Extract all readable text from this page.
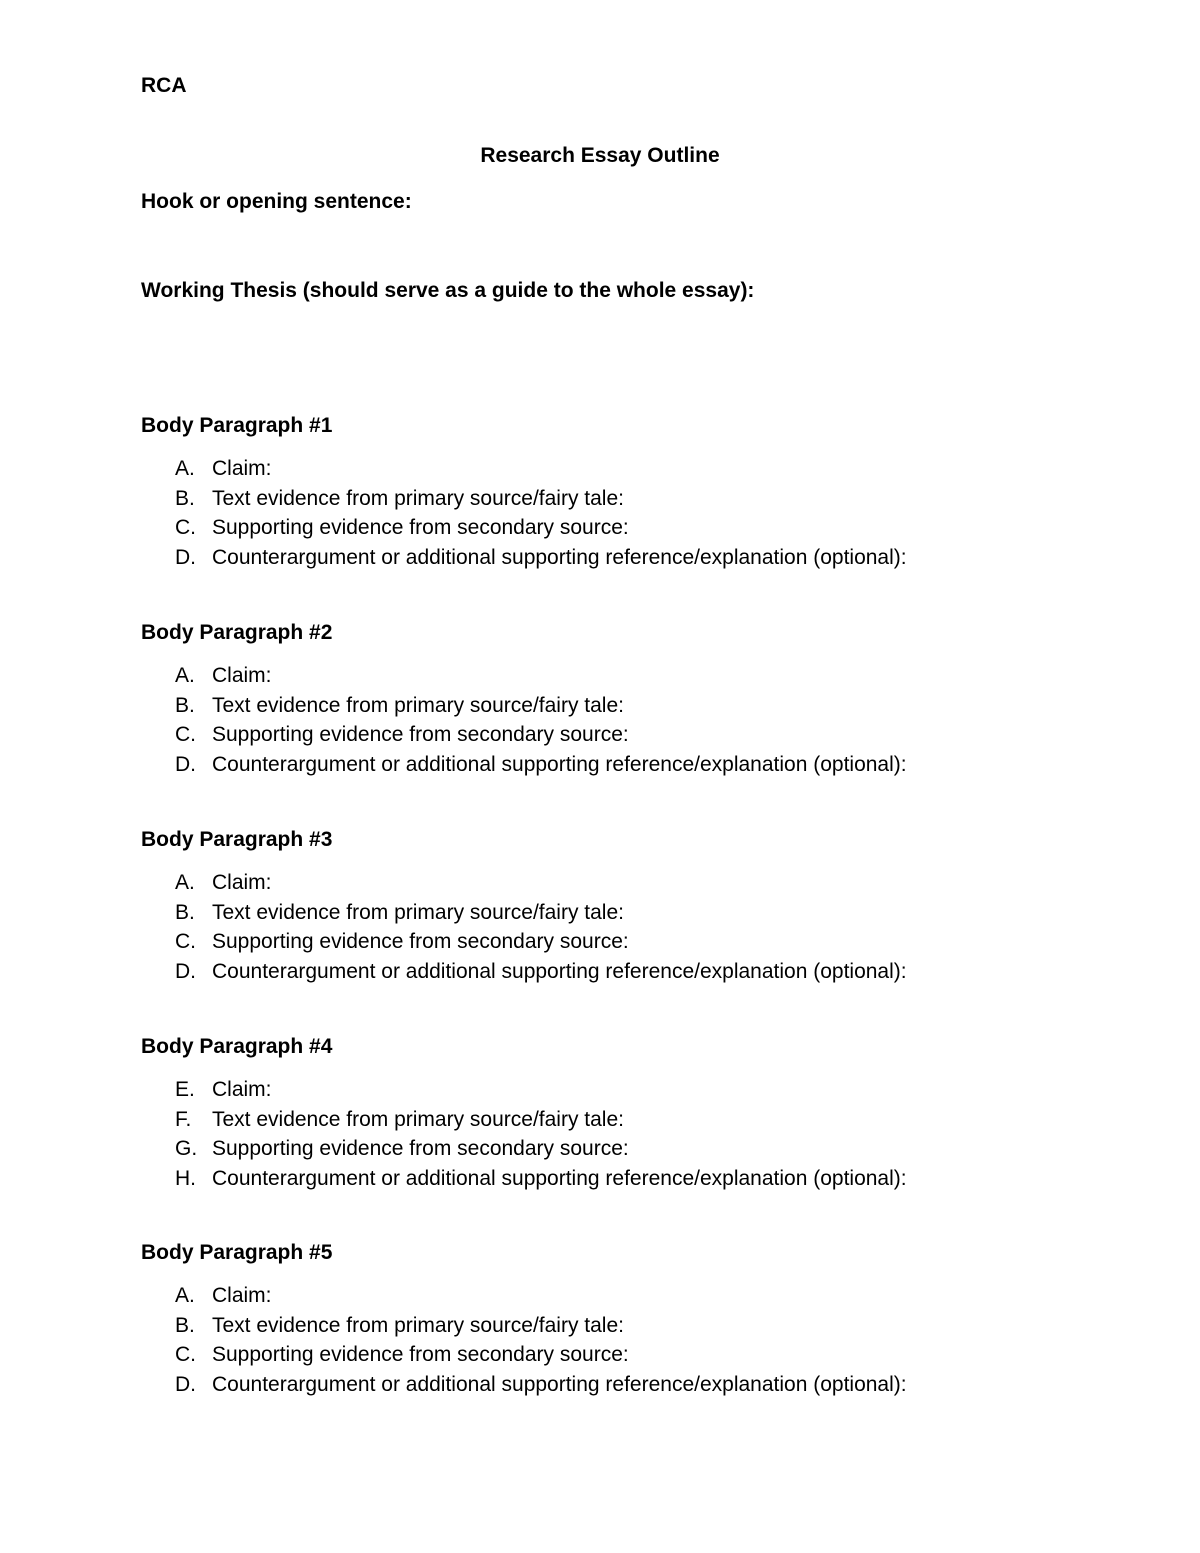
RCA

Research Essay Outline

Hook or opening sentence:

Working Thesis (should serve as a guide to the whole essay):

Body Paragraph #1

A. Claim:
B. Text evidence from primary source/fairy tale:
C. Supporting evidence from secondary source:
D. Counterargument or additional supporting reference/explanation (optional):

Body Paragraph #2

A. Claim:
B. Text evidence from primary source/fairy tale:
C. Supporting evidence from secondary source:
D. Counterargument or additional supporting reference/explanation (optional):

Body Paragraph #3

A. Claim:
B. Text evidence from primary source/fairy tale:
C. Supporting evidence from secondary source:
D. Counterargument or additional supporting reference/explanation (optional):

Body Paragraph #4

E. Claim:
F. Text evidence from primary source/fairy tale:
G. Supporting evidence from secondary source:
H. Counterargument or additional supporting reference/explanation (optional):

Body Paragraph #5

A. Claim:
B. Text evidence from primary source/fairy tale:
C. Supporting evidence from secondary source:
D. Counterargument or additional supporting reference/explanation (optional):
